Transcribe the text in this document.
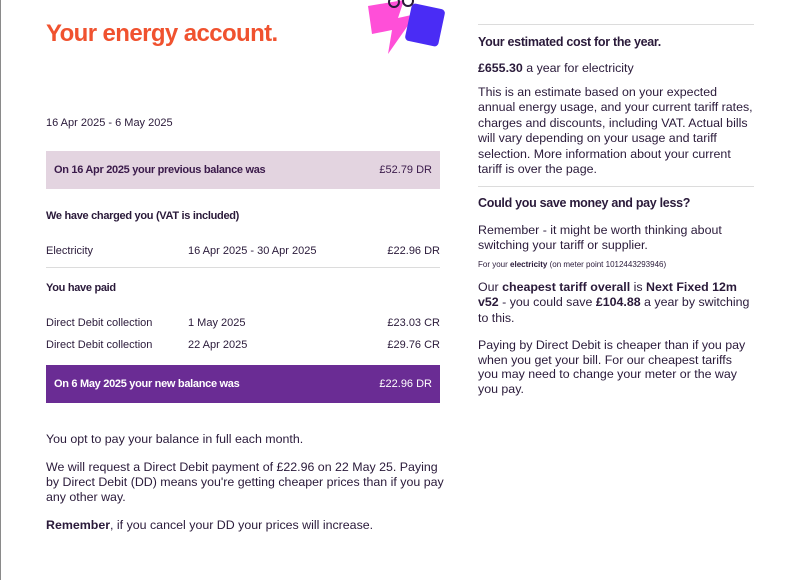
Your energy account.
16 Apr 2025 - 6 May 2025
On 16 Apr 2025 your previous balance was	£52.79 DR
We have charged you (VAT is included)
Electricity	16 Apr 2025 - 30 Apr 2025	£22.96 DR
You have paid
Direct Debit collection	1 May 2025	£23.03 CR
Direct Debit collection	22 Apr 2025	£29.76 CR
On 6 May 2025 your new balance was	£22.96 DR

You opt to pay your balance in full each month.

We will request a Direct Debit payment of £22.96 on 22 May 25. Paying by Direct Debit (DD) means you're getting cheaper prices than if you pay any other way.

Remember, if you cancel your DD your prices will increase.

Your estimated cost for the year.

£655.30 a year for electricity

This is an estimate based on your expected annual energy usage, and your current tariff rates, charges and discounts, including VAT. Actual bills will vary depending on your usage and tariff selection. More information about your current tariff is over the page.

Could you save money and pay less?

Remember - it might be worth thinking about switching your tariff or supplier.

For your electricity (on meter point 1012443293946)

Our cheapest tariff overall is Next Fixed 12m v52 - you could save £104.88 a year by switching to this.

Paying by Direct Debit is cheaper than if you pay when you get your bill. For our cheapest tariffs you may need to change your meter or the way you pay.
